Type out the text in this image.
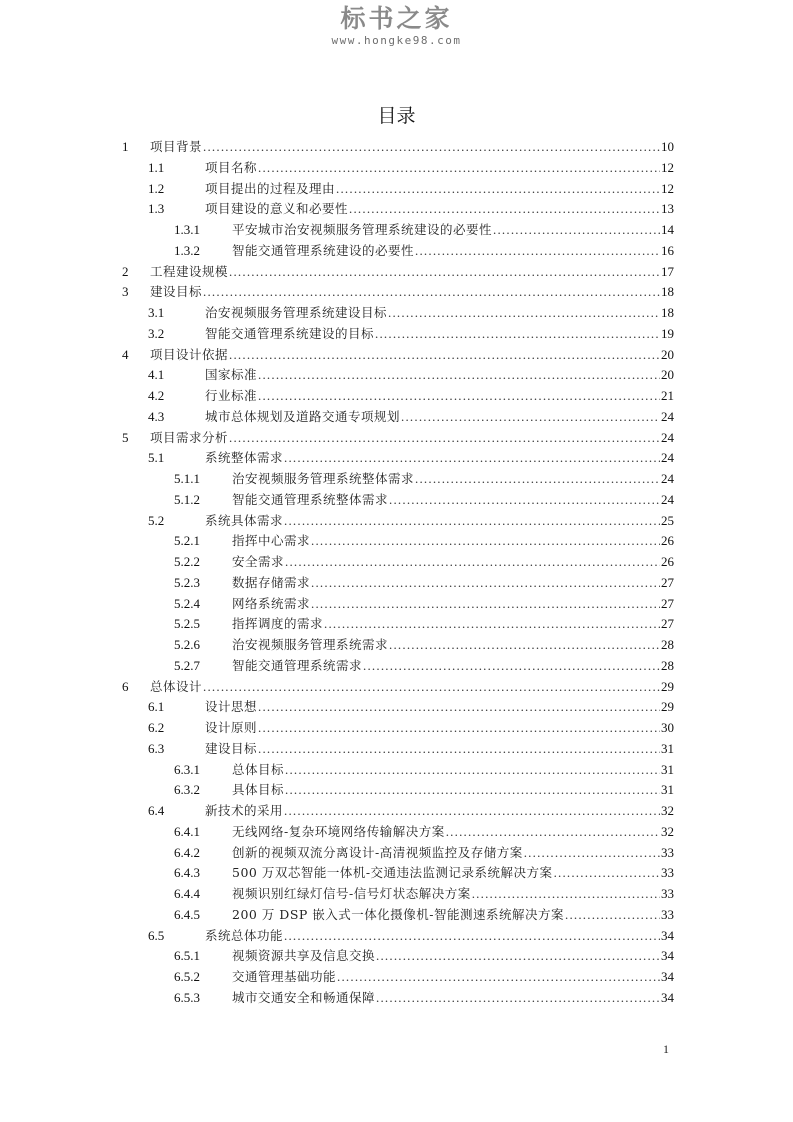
标书之家
www.hongke98.com
目录
1 项目背景 .....	10
1.1	项目名称 .....	12
1.2	项目提出的过程及理由 .....	12
1.3	项目建设的意义和必要性 .....	13
1.3.1	平安城市治安视频服务管理系统建设的必要性 .....	14
1.3.2	智能交通管理系统建设的必要性 .....	16
2 工程建设规模 .....	17
3 建设目标 .....	18
3.1	治安视频服务管理系统建设目标 .....	18
3.2	智能交通管理系统建设的目标 .....	19
4 项目设计依据 .....	20
4.1	国家标准 .....	20
4.2	行业标准 .....	21
4.3	城市总体规划及道路交通专项规划 .....	24
5 项目需求分析 .....	24
5.1	系统整体需求 .....	24
5.1.1	治安视频服务管理系统整体需求 .....	24
5.1.2	智能交通管理系统整体需求 .....	24
5.2	系统具体需求 .....	25
5.2.1	指挥中心需求 .....	26
5.2.2	安全需求 .....	26
5.2.3	数据存储需求 .....	27
5.2.4	网络系统需求 .....	27
5.2.5	指挥调度的需求 .....	27
5.2.6	治安视频服务管理系统需求 .....	28
5.2.7	智能交通管理系统需求 .....	28
6 总体设计 .....	29
6.1	设计思想 .....	29
6.2	设计原则 .....	30
6.3	建设目标 .....	31
6.3.1	总体目标 .....	31
6.3.2	具体目标 .....	31
6.4	新技术的采用 .....	32
6.4.1	无线网络-复杂环境网络传输解决方案 .....	32
6.4.2	创新的视频双流分离设计-高清视频监控及存储方案 .....	33
6.4.3	500 万双芯智能一体机-交通违法监测记录系统解决方案 .....	33
6.4.4	视频识别红绿灯信号-信号灯状态解决方案 .....	33
6.4.5	200 万 DSP 嵌入式一体化摄像机-智能测速系统解决方案 .....	33
6.5	系统总体功能 .....	34
6.5.1	视频资源共享及信息交换 .....	34
6.5.2	交通管理基础功能 .....	34
6.5.3	城市交通安全和畅通保障 .....	34
1
